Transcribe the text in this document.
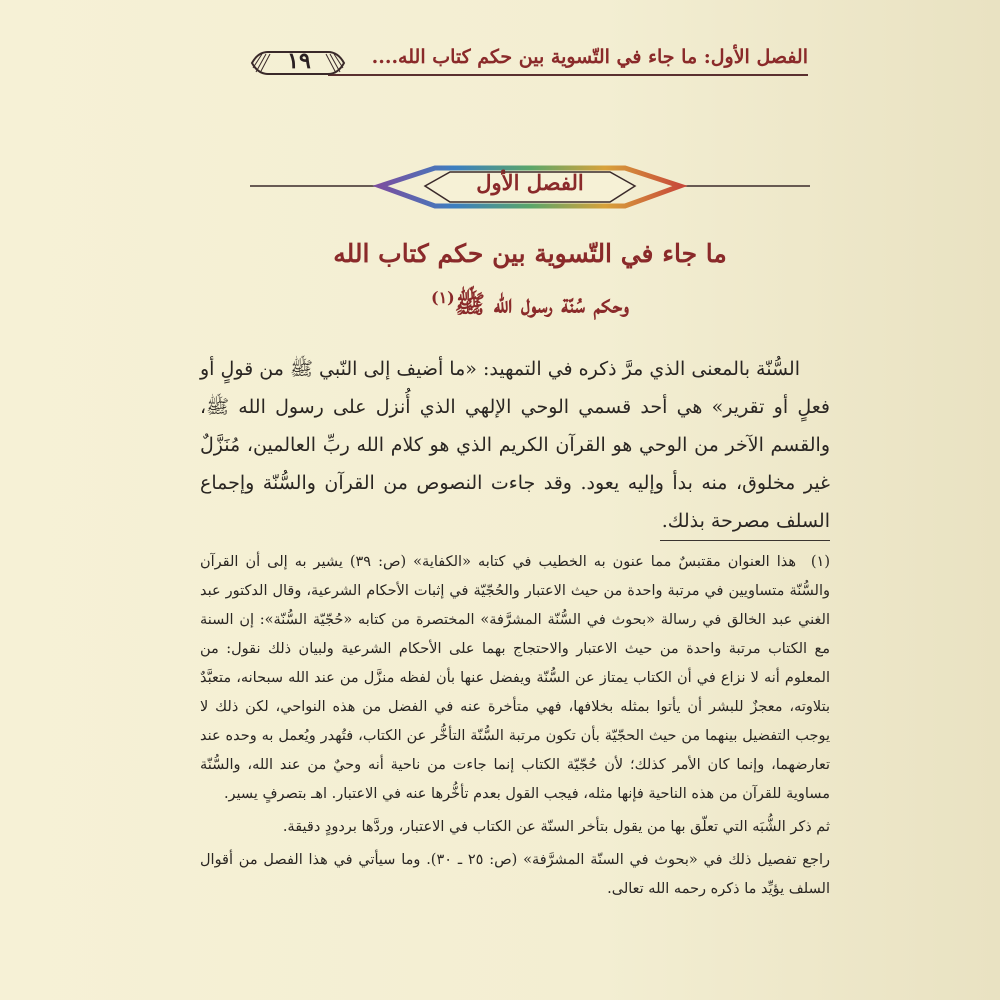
الفصل الأول: ما جاء في التّسوية بين حكم كتاب الله....
١٩
الفصل الأول
ما جاء في التّسوية بين حكم كتاب الله
وحكم سُنّة رسول الله ﷺ$^{(١)}$

السُّنّة بالمعنى الذي مرَّ ذكره في التمهيد: «ما أضيف إلى النّبي ﷺ من قولٍ أو فعلٍ أو تقرير» هي أحد قسمي الوحي الإلهي الذي أُنزل على رسول الله ﷺ، والقسم الآخر من الوحي هو القرآن الكريم الذي هو كلام الله ربِّ العالمين، مُنَزَّلٌ غير مخلوق، منه بدأ وإليه يعود. وقد جاءت النصوص من القرآن والسُّنّة وإجماع السلف مصرحة بذلك.

(١)هذا العنوان مقتبسٌ مما عنون به الخطيب في كتابه «الكفاية» (ص: ٣٩) يشير به إلى أن القرآن والسُّنّة متساويين في مرتبة واحدة من حيث الاعتبار والحُجّيّة في إثبات الأحكام الشرعية، وقال الدكتور عبد الغني عبد الخالق في رسالة «بحوث في السُّنّة المشرَّفة» المختصرة من كتابه «حُجّيّة السُّنّة»: إن السنة مع الكتاب مرتبة واحدة من حيث الاعتبار والاحتجاج بهما على الأحكام الشرعية ولبيان ذلك نقول: من المعلوم أنه لا نزاع في أن الكتاب يمتاز عن السُّنّة ويفضل عنها بأن لفظه منزَّل من عند الله سبحانه، متعبَّدٌ بتلاوته، معجزٌ للبشر أن يأتوا بمثله بخلافها، فهي متأخرة عنه في الفضل من هذه النواحي، لكن ذلك لا يوجب التفضيل بينهما من حيث الحجّيّة بأن تكون مرتبة السُّنّة التأخُّر عن الكتاب، فتُهدر ويُعمل به وحده عند تعارضهما، وإنما كان الأمر كذلك؛ لأن حُجّيّة الكتاب إنما جاءت من ناحية أنه وحيٌ من عند الله، والسُّنّة مساوية للقرآن من هذه الناحية فإنها مثله، فيجب القول بعدم تأخُّرها عنه في الاعتبار. اهـ بتصرفٍ يسير.

ثم ذكر الشُّبَه التي تعلّق بها من يقول بتأخر السنّة عن الكتاب في الاعتبار، وردَّها بردودٍ دقيقة.

راجع تفصيل ذلك في «بحوث في السنّة المشرَّفة» (ص: ٢٥ ـ ٣٠). وما سيأتي في هذا الفصل من أقوال السلف يؤيِّد ما ذكره رحمه الله تعالى.
